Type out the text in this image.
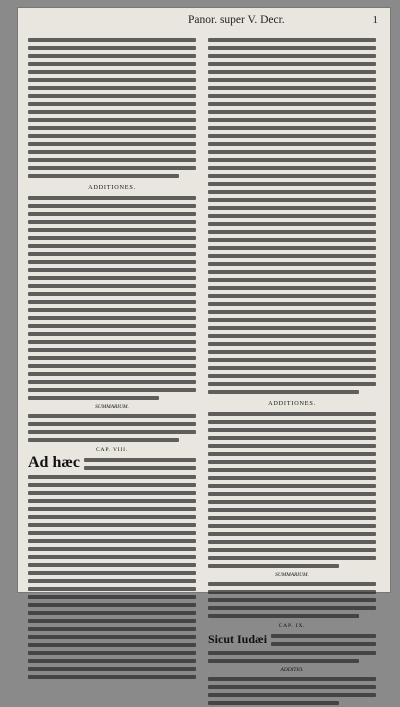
Panor. super V. Decr.	1
ADDITIONES.
SUMMARIUM.
CAP. VIII.
Ad hæc
ADDITIONES.
SUMMARIUM.
CAP. IX.
Sicut Iudæi
ADDITIO.
